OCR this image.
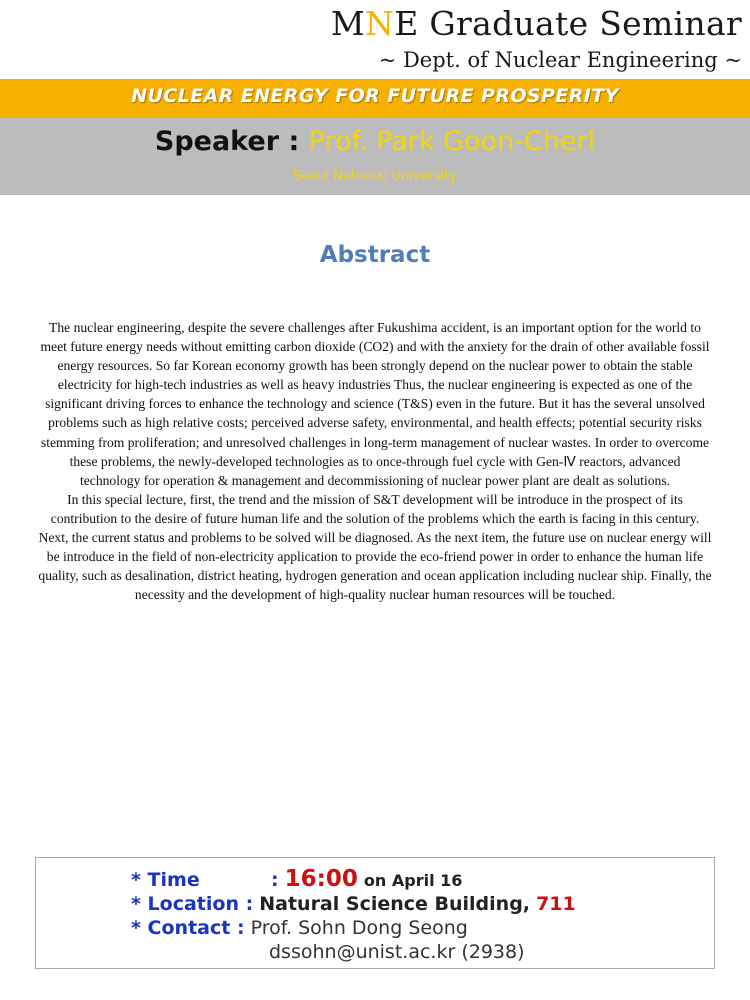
MNE Graduate Seminar
~ Dept. of Nuclear Engineering ~
NUCLEAR ENERGY FOR FUTURE PROSPERITY
Speaker : Prof. Park Goon-Cherl
Seoul National University
Abstract

The nuclear engineering, despite the severe challenges after Fukushima accident, is an important option for the world to meet future energy needs without emitting carbon dioxide (CO2) and with the anxiety for the drain of other available fossil energy resources. So far Korean economy growth has been strongly depend on the nuclear power to obtain the stable electricity for high-tech industries as well as heavy industries Thus, the nuclear engineering is expected as one of the significant driving forces to enhance the technology and science (T&S) even in the future. But it has the several unsolved problems such as high relative costs; perceived adverse safety, environmental, and health effects; potential security risks stemming from proliferation; and unresolved challenges in long-term management of nuclear wastes. In order to overcome these problems, the newly-developed technologies as to once-through fuel cycle with Gen-Ⅳ reactors, advanced technology for operation & management and decommissioning of nuclear power plant are dealt as solutions.

In this special lecture, first, the trend and the mission of S&T development will be introduce in the prospect of its contribution to the desire of future human life and the solution of the problems which the earth is facing in this century. Next, the current status and problems to be solved will be diagnosed. As the next item, the future use on nuclear energy will be introduce in the field of non-electricity application to provide the eco-friend power in order to enhance the human life quality, such as desalination, district heating, hydrogen generation and ocean application including nuclear ship. Finally, the necessity and the development of high-quality nuclear human resources will be touched.

* Time	: 16:00 on April 16
* Location : Natural Science Building, 711
* Contact : Prof. Sohn Dong Seong
dssohn@unist.ac.kr (2938)
